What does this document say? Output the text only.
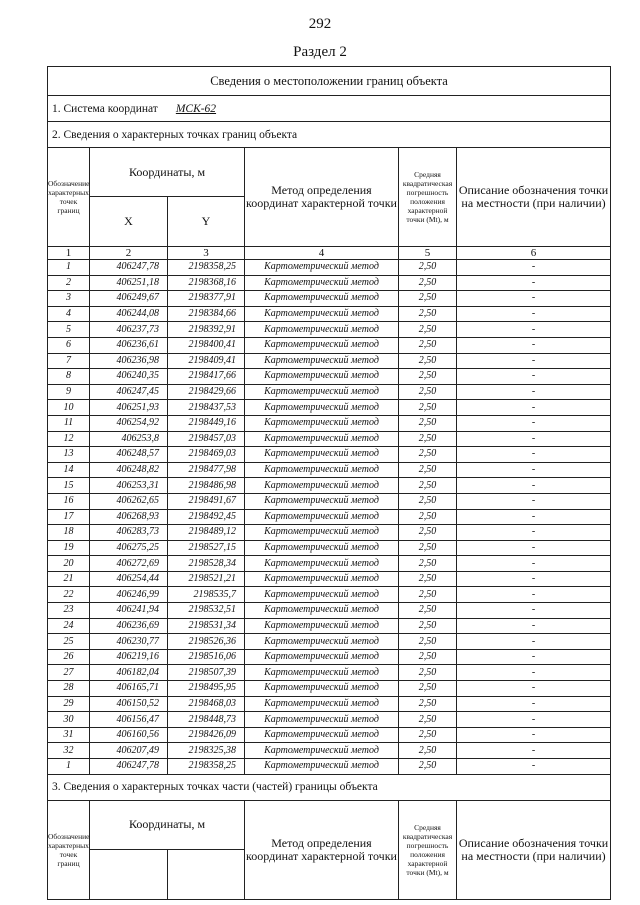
292
Раздел 2
Сведения о местоположении границ объекта					
1. Система координат МСК-62					
2. Сведения о характерных точках границ объекта					
Обозначение характерных точек границ	Координаты, м		Метод определения координат характерной точки	Средняя квадратическая погрешность положения характерной точки (Mt), м	Описание обозначения точки на местности (при наличии)
	X	Y			
1	2	3	4	5	6
1	406247,78	2198358,25	Картометрический метод	2,50	-
2	406251,18	2198368,16	Картометрический метод	2,50	-
3	406249,67	2198377,91	Картометрический метод	2,50	-
4	406244,08	2198384,66	Картометрический метод	2,50	-
5	406237,73	2198392,91	Картометрический метод	2,50	-
6	406236,61	2198400,41	Картометрический метод	2,50	-
7	406236,98	2198409,41	Картометрический метод	2,50	-
8	406240,35	2198417,66	Картометрический метод	2,50	-
9	406247,45	2198429,66	Картометрический метод	2,50	-
10	406251,93	2198437,53	Картометрический метод	2,50	-
11	406254,92	2198449,16	Картометрический метод	2,50	-
12	406253,8	2198457,03	Картометрический метод	2,50	-
13	406248,57	2198469,03	Картометрический метод	2,50	-
14	406248,82	2198477,98	Картометрический метод	2,50	-
15	406253,31	2198486,98	Картометрический метод	2,50	-
16	406262,65	2198491,67	Картометрический метод	2,50	-
17	406268,93	2198492,45	Картометрический метод	2,50	-
18	406283,73	2198489,12	Картометрический метод	2,50	-
19	406275,25	2198527,15	Картометрический метод	2,50	-
20	406272,69	2198528,34	Картометрический метод	2,50	-
21	406254,44	2198521,21	Картометрический метод	2,50	-
22	406246,99	2198535,7	Картометрический метод	2,50	-
23	406241,94	2198532,51	Картометрический метод	2,50	-
24	406236,69	2198531,34	Картометрический метод	2,50	-
25	406230,77	2198526,36	Картометрический метод	2,50	-
26	406219,16	2198516,06	Картометрический метод	2,50	-
27	406182,04	2198507,39	Картометрический метод	2,50	-
28	406165,71	2198495,95	Картометрический метод	2,50	-
29	406150,52	2198468,03	Картометрический метод	2,50	-
30	406156,47	2198448,73	Картометрический метод	2,50	-
31	406160,56	2198426,09	Картометрический метод	2,50	-
32	406207,49	2198325,38	Картометрический метод	2,50	-
1	406247,78	2198358,25	Картометрический метод	2,50	-
3. Сведения о характерных точках части (частей) границы объекта					
Обозначение характерных точек границ	Координаты, м		Метод определения координат характерной точки	Средняя квадратическая погрешность положения характерной точки (Mt), м	Описание обозначения точки на местности (при наличии)
